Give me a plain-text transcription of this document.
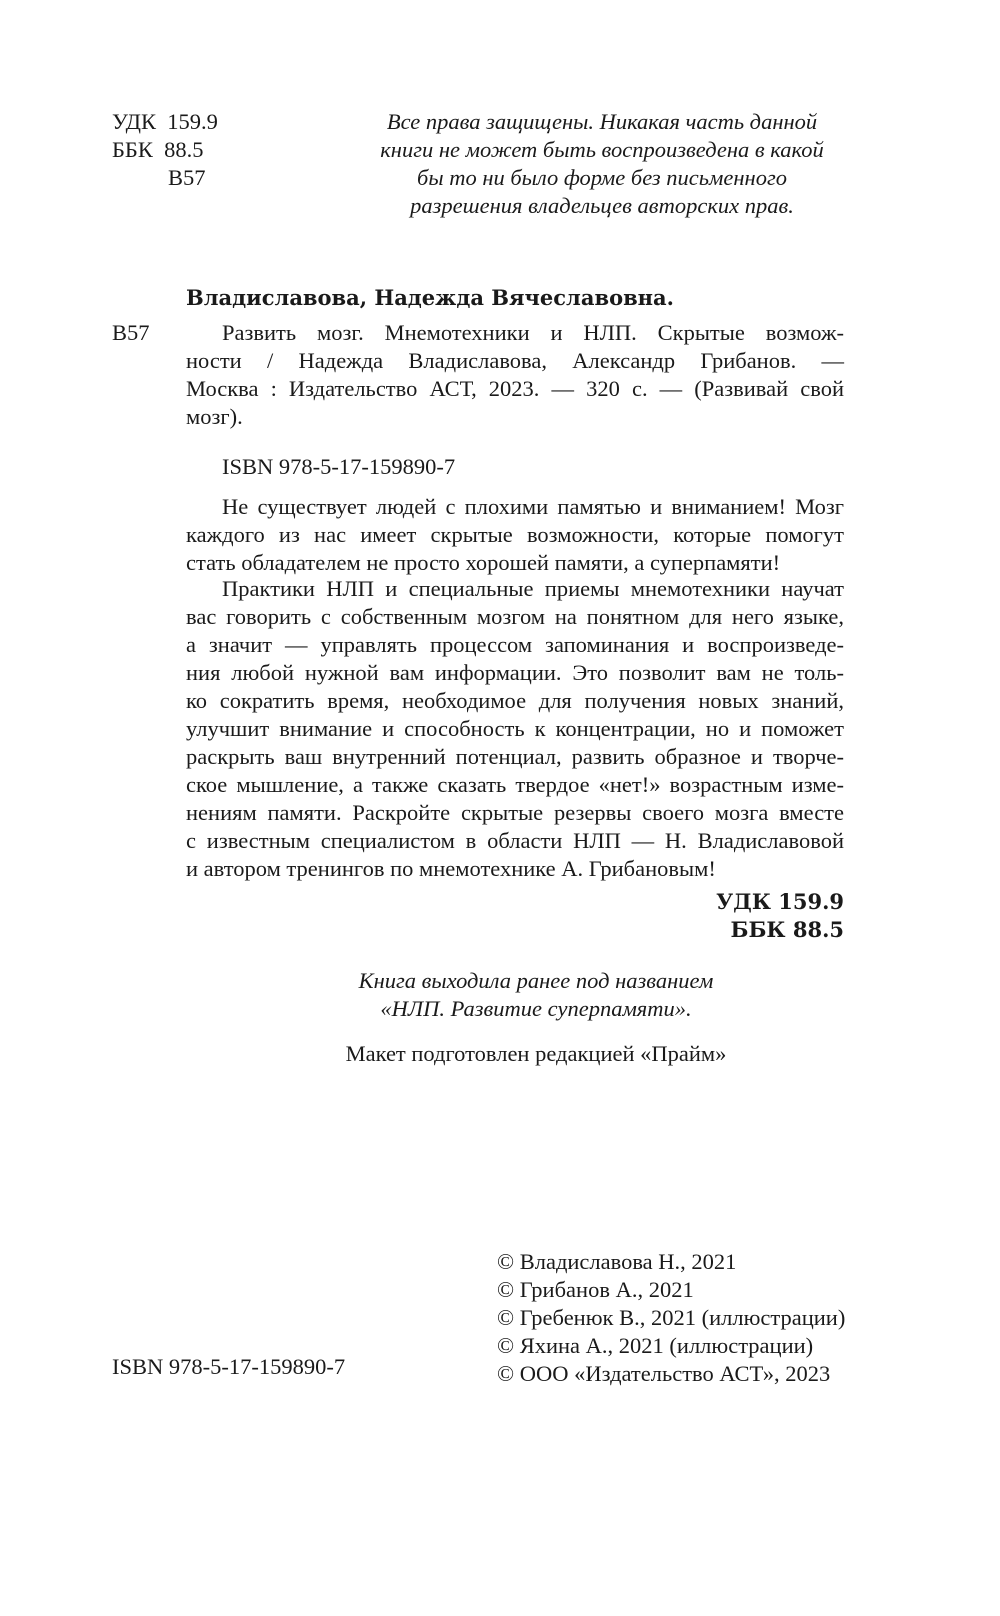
УДК 159.9
ББК 88.5
В57
Все права защищены. Никакая часть данной
книги не может быть воспроизведена в какой
бы то ни было форме без письменного
разрешения владельцев авторских прав.
Владиславова, Надежда Вячеславовна.
В57	Развить мозг. Мнемотехники и НЛП. Скрытые возмож-
ности / Надежда Владиславова, Александр Грибанов. —
Москва : Издательство АСТ, 2023. — 320 с. — (Развивай свой
мозг).
ISBN 978-5-17-159890-7
Не существует людей с плохими памятью и вниманием! Мозг
каждого из нас имеет скрытые возможности, которые помогут
стать обладателем не просто хорошей памяти, а суперпамяти!
Практики НЛП и специальные приемы мнемотехники научат
вас говорить с собственным мозгом на понятном для него языке,
а значит — управлять процессом запоминания и воспроизведе-
ния любой нужной вам информации. Это позволит вам не толь-
ко сократить время, необходимое для получения новых знаний,
улучшит внимание и способность к концентрации, но и поможет
раскрыть ваш внутренний потенциал, развить образное и творче-
ское мышление, а также сказать твердое «нет!» возрастным изме-
нениям памяти. Раскройте скрытые резервы своего мозга вместе
с известным специалистом в области НЛП — Н. Владиславовой
и автором тренингов по мнемотехнике А. Грибановым!
УДК 159.9
ББК 88.5
Книга выходила ранее под названием
«НЛП. Развитие суперпамяти».
Макет подготовлен редакцией «Прайм»
ISBN 978-5-17-159890-7
© Владиславова Н., 2021
© Грибанов А., 2021
© Гребенюк В., 2021 (иллюстрации)
© Яхина А., 2021 (иллюстрации)
© ООО «Издательство АСТ», 2023
